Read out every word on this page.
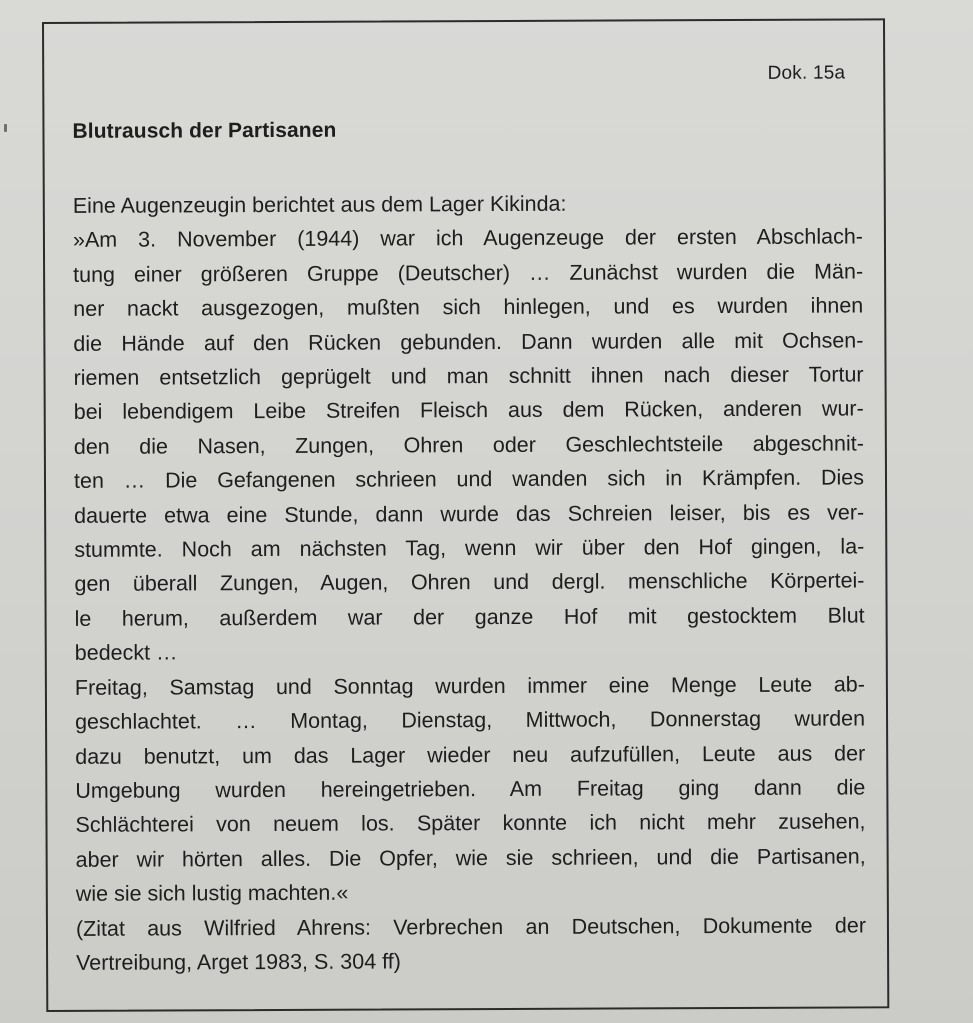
Dok. 15a
Blutrausch der Partisanen
Eine Augenzeugin berichtet aus dem Lager Kikinda:
»Am 3. November (1944) war ich Augenzeuge der ersten Abschlach-
tung einer größeren Gruppe (Deutscher) … Zunächst wurden die Män-
ner nackt ausgezogen, mußten sich hinlegen, und es wurden ihnen
die Hände auf den Rücken gebunden. Dann wurden alle mit Ochsen-
riemen entsetzlich geprügelt und man schnitt ihnen nach dieser Tortur
bei lebendigem Leibe Streifen Fleisch aus dem Rücken, anderen wur-
den die Nasen, Zungen, Ohren oder Geschlechtsteile abgeschnit-
ten … Die Gefangenen schrieen und wanden sich in Krämpfen. Dies
dauerte etwa eine Stunde, dann wurde das Schreien leiser, bis es ver-
stummte. Noch am nächsten Tag, wenn wir über den Hof gingen, la-
gen überall Zungen, Augen, Ohren und dergl. menschliche Körpertei-
le herum, außerdem war der ganze Hof mit gestocktem Blut
bedeckt …
Freitag, Samstag und Sonntag wurden immer eine Menge Leute ab-
geschlachtet. … Montag, Dienstag, Mittwoch, Donnerstag wurden
dazu benutzt, um das Lager wieder neu aufzufüllen, Leute aus der
Umgebung wurden hereingetrieben. Am Freitag ging dann die
Schlächterei von neuem los. Später konnte ich nicht mehr zusehen,
aber wir hörten alles. Die Opfer, wie sie schrieen, und die Partisanen,
wie sie sich lustig machten.«
(Zitat aus Wilfried Ahrens: Verbrechen an Deutschen, Dokumente der
Vertreibung, Arget 1983, S. 304 ff)
